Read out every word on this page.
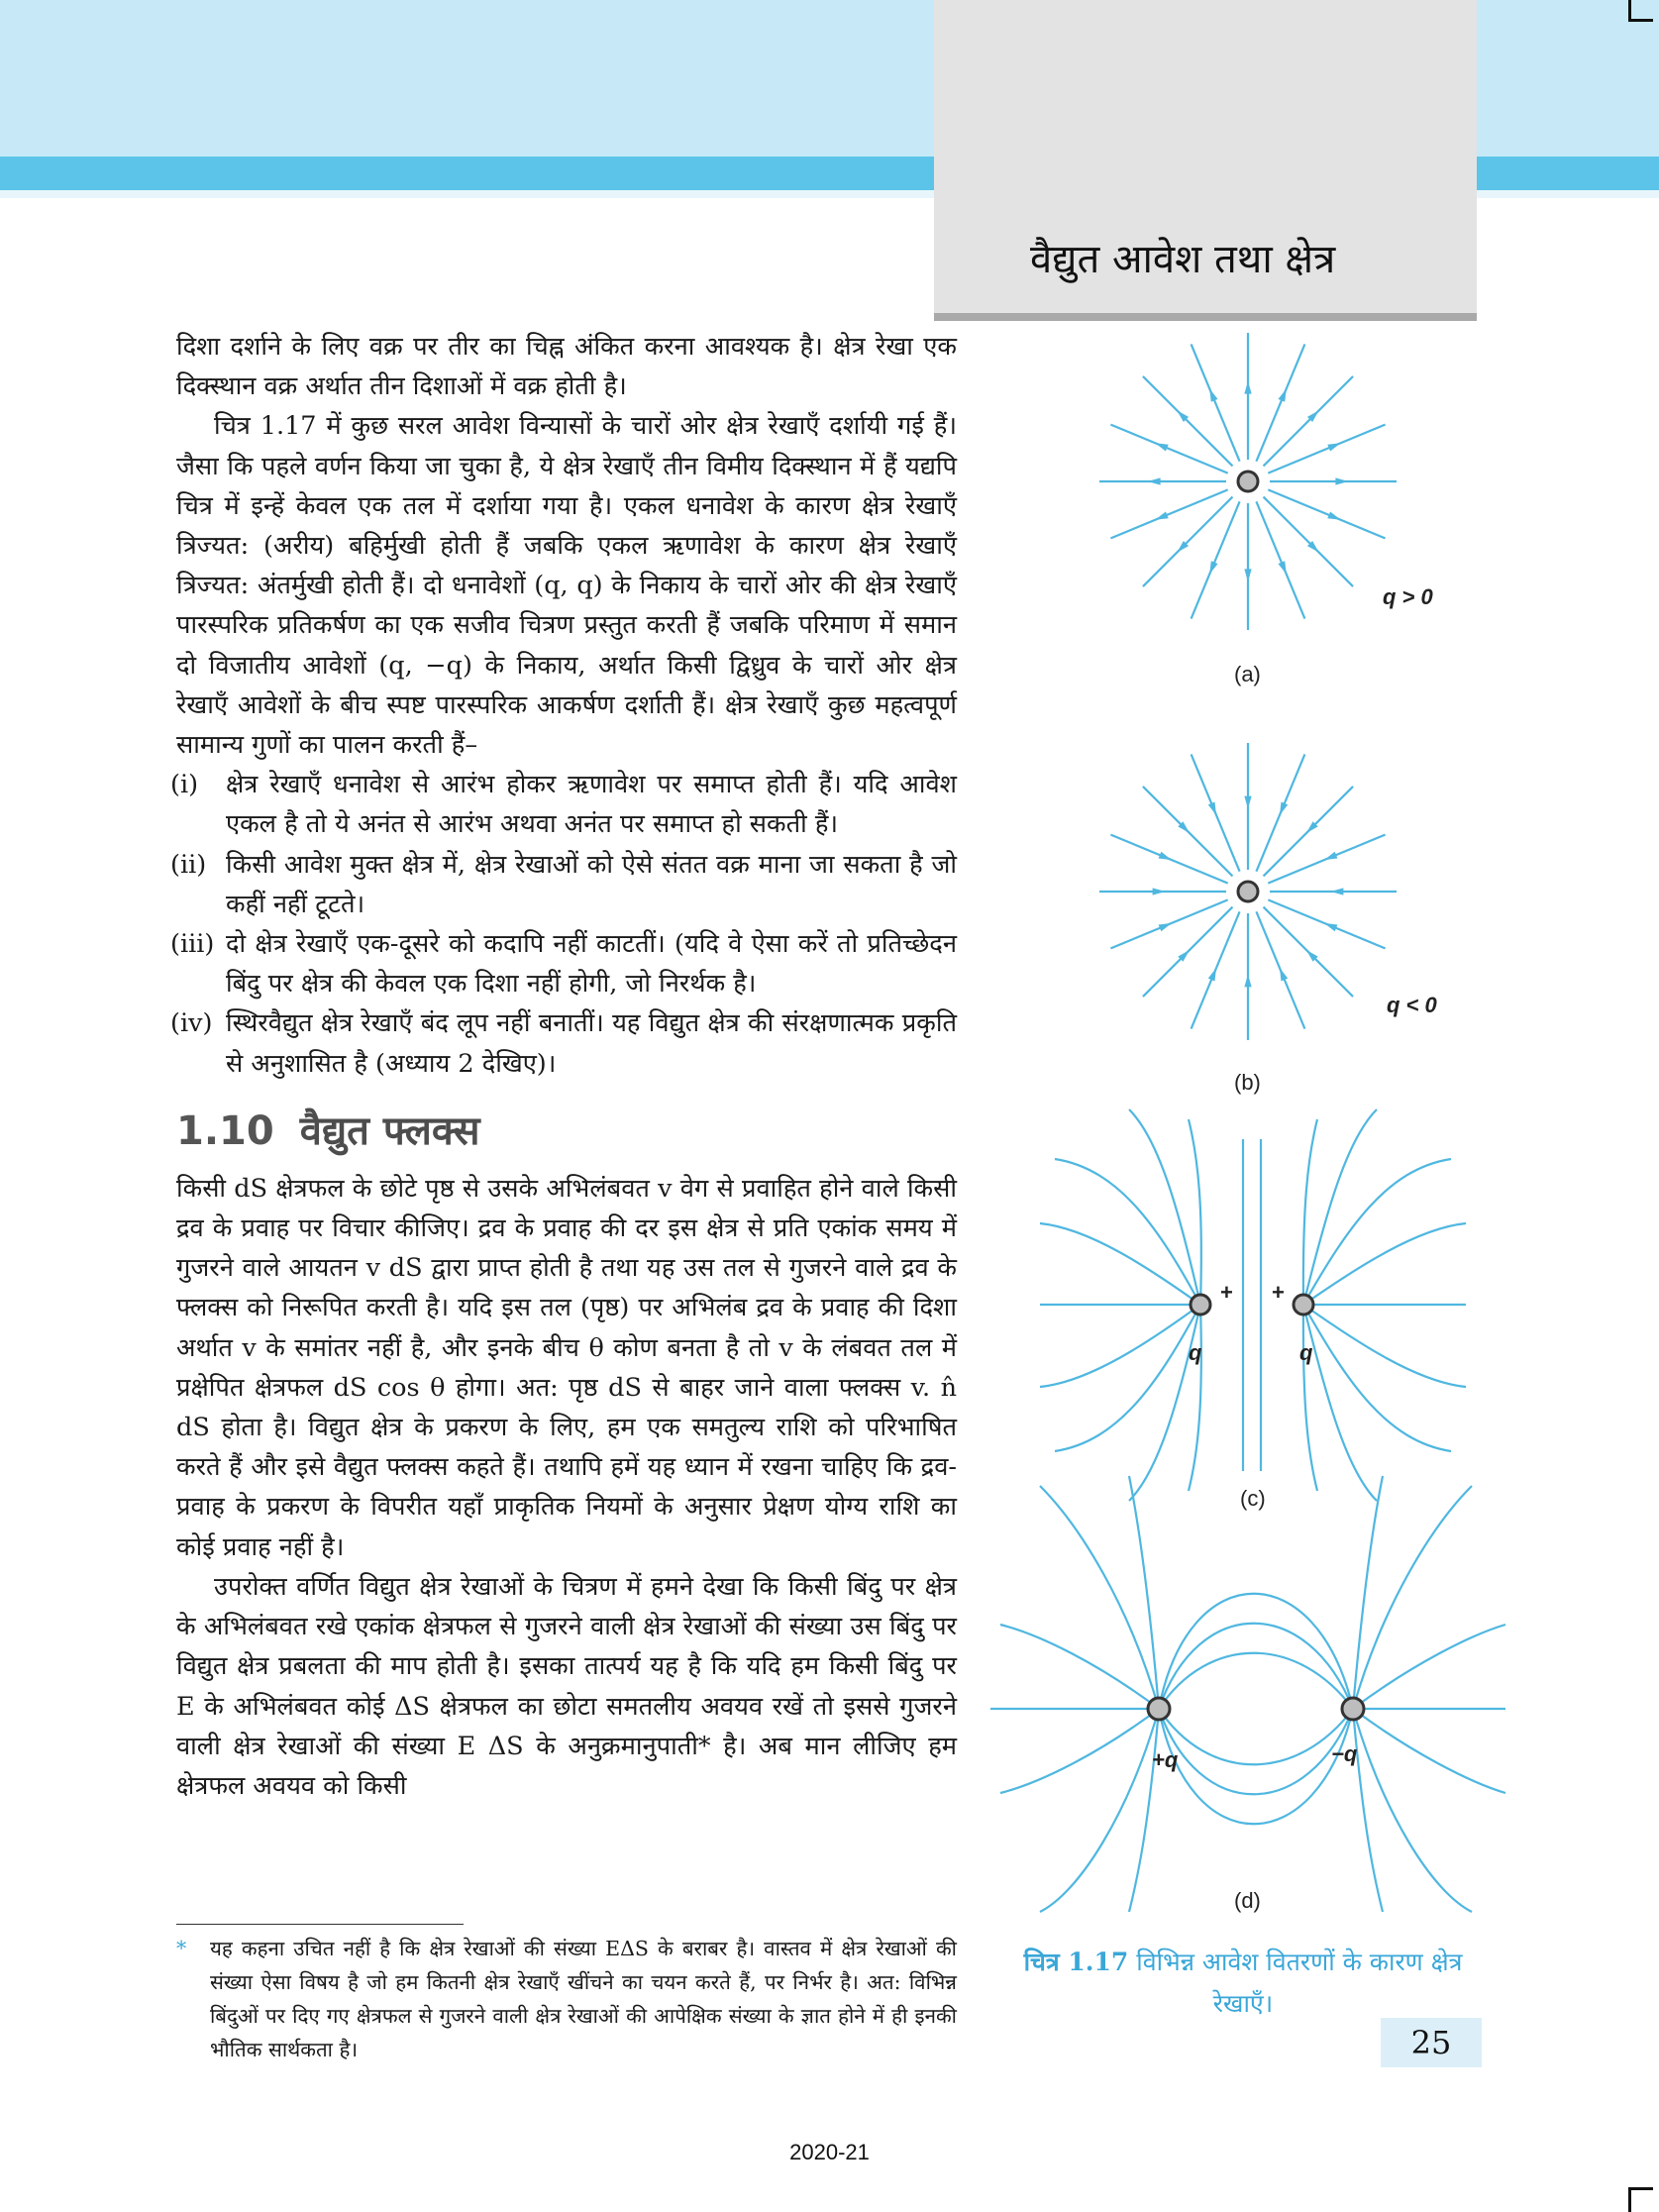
वैद्युत आवेश तथा क्षेत्र

दिशा दर्शाने के लिए वक्र पर तीर का चिह्न अंकित करना आवश्यक है। क्षेत्र रेखा एक दिक्स्थान वक्र अर्थात तीन दिशाओं में वक्र होती है।

चित्र 1.17 में कुछ सरल आवेश विन्यासों के चारों ओर क्षेत्र रेखाएँ दर्शायी गई हैं। जैसा कि पहले वर्णन किया जा चुका है, ये क्षेत्र रेखाएँ तीन विमीय दिक्स्थान में हैं यद्यपि चित्र में इन्हें केवल एक तल में दर्शाया गया है। एकल धनावेश के कारण क्षेत्र रेखाएँ त्रिज्यत: (अरीय) बहिर्मुखी होती हैं जबकि एकल ऋणावेश के कारण क्षेत्र रेखाएँ त्रिज्यत: अंतर्मुखी होती हैं। दो धनावेशों (q, q) के निकाय के चारों ओर की क्षेत्र रेखाएँ पारस्परिक प्रतिकर्षण का एक सजीव चित्रण प्रस्तुत करती हैं जबकि परिमाण में समान दो विजातीय आवेशों (q, −q) के निकाय, अर्थात किसी द्विध्रुव के चारों ओर क्षेत्र रेखाएँ आवेशों के बीच स्पष्ट पारस्परिक आकर्षण दर्शाती हैं। क्षेत्र रेखाएँ कुछ महत्वपूर्ण सामान्य गुणों का पालन करती हैं–

(i) क्षेत्र रेखाएँ धनावेश से आरंभ होकर ऋणावेश पर समाप्त होती हैं। यदि आवेश एकल है तो ये अनंत से आरंभ अथवा अनंत पर समाप्त हो सकती हैं।
(ii) किसी आवेश मुक्त क्षेत्र में, क्षेत्र रेखाओं को ऐसे संतत वक्र माना जा सकता है जो कहीं नहीं टूटते।
(iii) दो क्षेत्र रेखाएँ एक-दूसरे को कदापि नहीं काटतीं। (यदि वे ऐसा करें तो प्रतिच्छेदन बिंदु पर क्षेत्र की केवल एक दिशा नहीं होगी, जो निरर्थक है।
(iv) स्थिरवैद्युत क्षेत्र रेखाएँ बंद लूप नहीं बनातीं। यह विद्युत क्षेत्र की संरक्षणात्मक प्रकृति से अनुशासित है (अध्याय 2 देखिए)।
1.10 वैद्युत फ्लक्स

किसी dS क्षेत्रफल के छोटे पृष्ठ से उसके अभिलंबवत v वेग से प्रवाहित होने वाले किसी द्रव के प्रवाह पर विचार कीजिए। द्रव के प्रवाह की दर इस क्षेत्र से प्रति एकांक समय में गुजरने वाले आयतन v dS द्वारा प्राप्त होती है तथा यह उस तल से गुजरने वाले द्रव के फ्लक्स को निरूपित करती है। यदि इस तल (पृष्ठ) पर अभिलंब द्रव के प्रवाह की दिशा अर्थात v के समांतर नहीं है, और इनके बीच θ कोण बनता है तो v के लंबवत तल में प्रक्षेपित क्षेत्रफल dS cos θ होगा। अत: पृष्ठ dS से बाहर जाने वाला फ्लक्स v. n̂ dS होता है। विद्युत क्षेत्र के प्रकरण के लिए, हम एक समतुल्य राशि को परिभाषित करते हैं और इसे वैद्युत फ्लक्स कहते हैं। तथापि हमें यह ध्यान में रखना चाहिए कि द्रव-प्रवाह के प्रकरण के विपरीत यहाँ प्राकृतिक नियमों के अनुसार प्रेक्षण योग्य राशि का कोई प्रवाह नहीं है।

उपरोक्त वर्णित विद्युत क्षेत्र रेखाओं के चित्रण में हमने देखा कि किसी बिंदु पर क्षेत्र के अभिलंबवत रखे एकांक क्षेत्रफल से गुजरने वाली क्षेत्र रेखाओं की संख्या उस बिंदु पर विद्युत क्षेत्र प्रबलता की माप होती है। इसका तात्पर्य यह है कि यदि हम किसी बिंदु पर E के अभिलंबवत कोई ΔS क्षेत्रफल का छोटा समतलीय अवयव रखें तो इससे गुजरने वाली क्षेत्र रेखाओं की संख्या E ΔS के अनुक्रमानुपाती* है। अब मान लीजिए हम क्षेत्रफल अवयव को किसी

*	यह कहना उचित नहीं है कि क्षेत्र रेखाओं की संख्या EΔS के बराबर है। वास्तव में क्षेत्र रेखाओं की संख्या ऐसा विषय है जो हम कितनी क्षेत्र रेखाएँ खींचने का चयन करते हैं, पर निर्भर है। अत: विभिन्न बिंदुओं पर दिए गए क्षेत्रफल से गुजरने वाली क्षेत्र रेखाओं की आपेक्षिक संख्या के ज्ञात होने में ही इनकी भौतिक सार्थकता है।
q > 0
(a)
q < 0
(b)
q	q
+ +
(c)
+q	−q
(d)
चित्र 1.17 विभिन्न आवेश वितरणों के कारण क्षेत्र रेखाएँ।
25
2020-21
